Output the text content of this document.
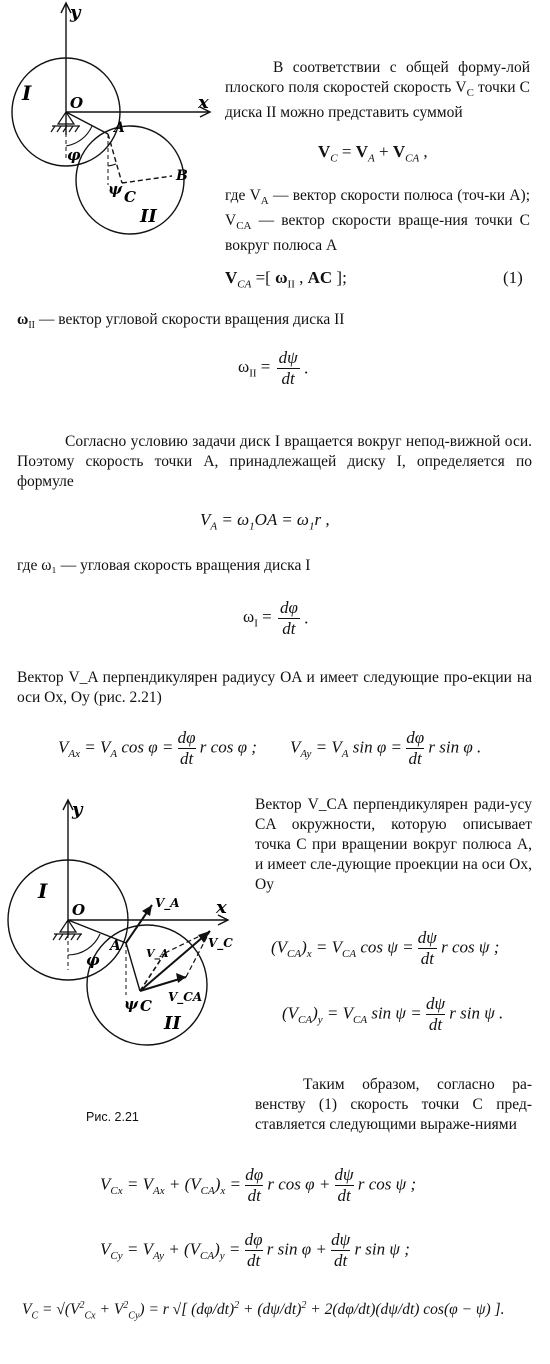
y
x
O
A
B
C
I
II
φ
ψ
В соответствии с общей форму-лой плоского поля скоростей скорость $V_C$ точки C диска II можно представить суммой
$V_C = V_A + V_{CA}$ ,
где $V_A$ — вектор скорости полюса (точ-ки A); $V_{CA}$ — вектор скорости враще-ния точки C вокруг полюса A
$V_{CA}$ =[ $\omega_{II}$ , AC ];	(1)
$\omega_{II}$ — вектор угловой скорости вращения диска II
$\omega_{II} = \frac{d\psi}{dt}$ .
Согласно условию задачи диск I вращается вокруг непод-вижной оси. Поэтому скорость точки A, принадлежащей диску I, определяется по формуле
$V_A = \omega_1OA = \omega_1r$ ,
где ω₁ — угловая скорость вращения диска I
$\omega_I = \frac{d\varphi}{dt}$ .
Вектор V_A перпендикулярен радиусу OA и имеет следующие про-екции на оси Ox, Oy (рис. 2.21)
$V_{Ax} = V_A$ $\cos \varphi = \frac{d\varphi}{dt}$ r cos φ ; $V_{Ay} = V_A$ $\sin \varphi = \frac{d\varphi}{dt}$ r sin φ .
y
x
O
A
C
I
II
φ
ψ
V_A
V_A
V_C
V_CA
Рис. 2.21
Вектор V_CA перпендикулярен ради-усу CA окружности, которую описывает точка C при вращении вокруг полюса A, и имеет сле-дующие проекции на оси Ox, Oy
$(V_{CA})_x = V_{CA}$ $\cos \psi = \frac{d\psi}{dt}$ r cos ψ ;
$(V_{CA})_y = V_{CA}$ $\sin \psi = \frac{d\psi}{dt}$ r sin ψ .
Таким образом, согласно ра-венству (1) скорость точки C пред-ставляется следующими выраже-ниями
$V_{Cx} = V_{Ax} + (V_{CA})_x = \frac{d\varphi}{dt}$ r $\cos \varphi + \frac{d\psi}{dt}$ r cos ψ ;
$V_{Cy} = V_{Ay} + (V_{CA})_y = \frac{d\varphi}{dt}$ r $\sin \varphi + \frac{d\psi}{dt}$ r sin ψ ;
$V_C = √(V^2_{Cx} + V^2_{Cy}) = r$ √[ $(d\varphi/dt)^2 + (d\psi/dt)^2 + 2(d\varphi/dt)(d\psi/dt) \cos(\varphi - \psi)$ ].
